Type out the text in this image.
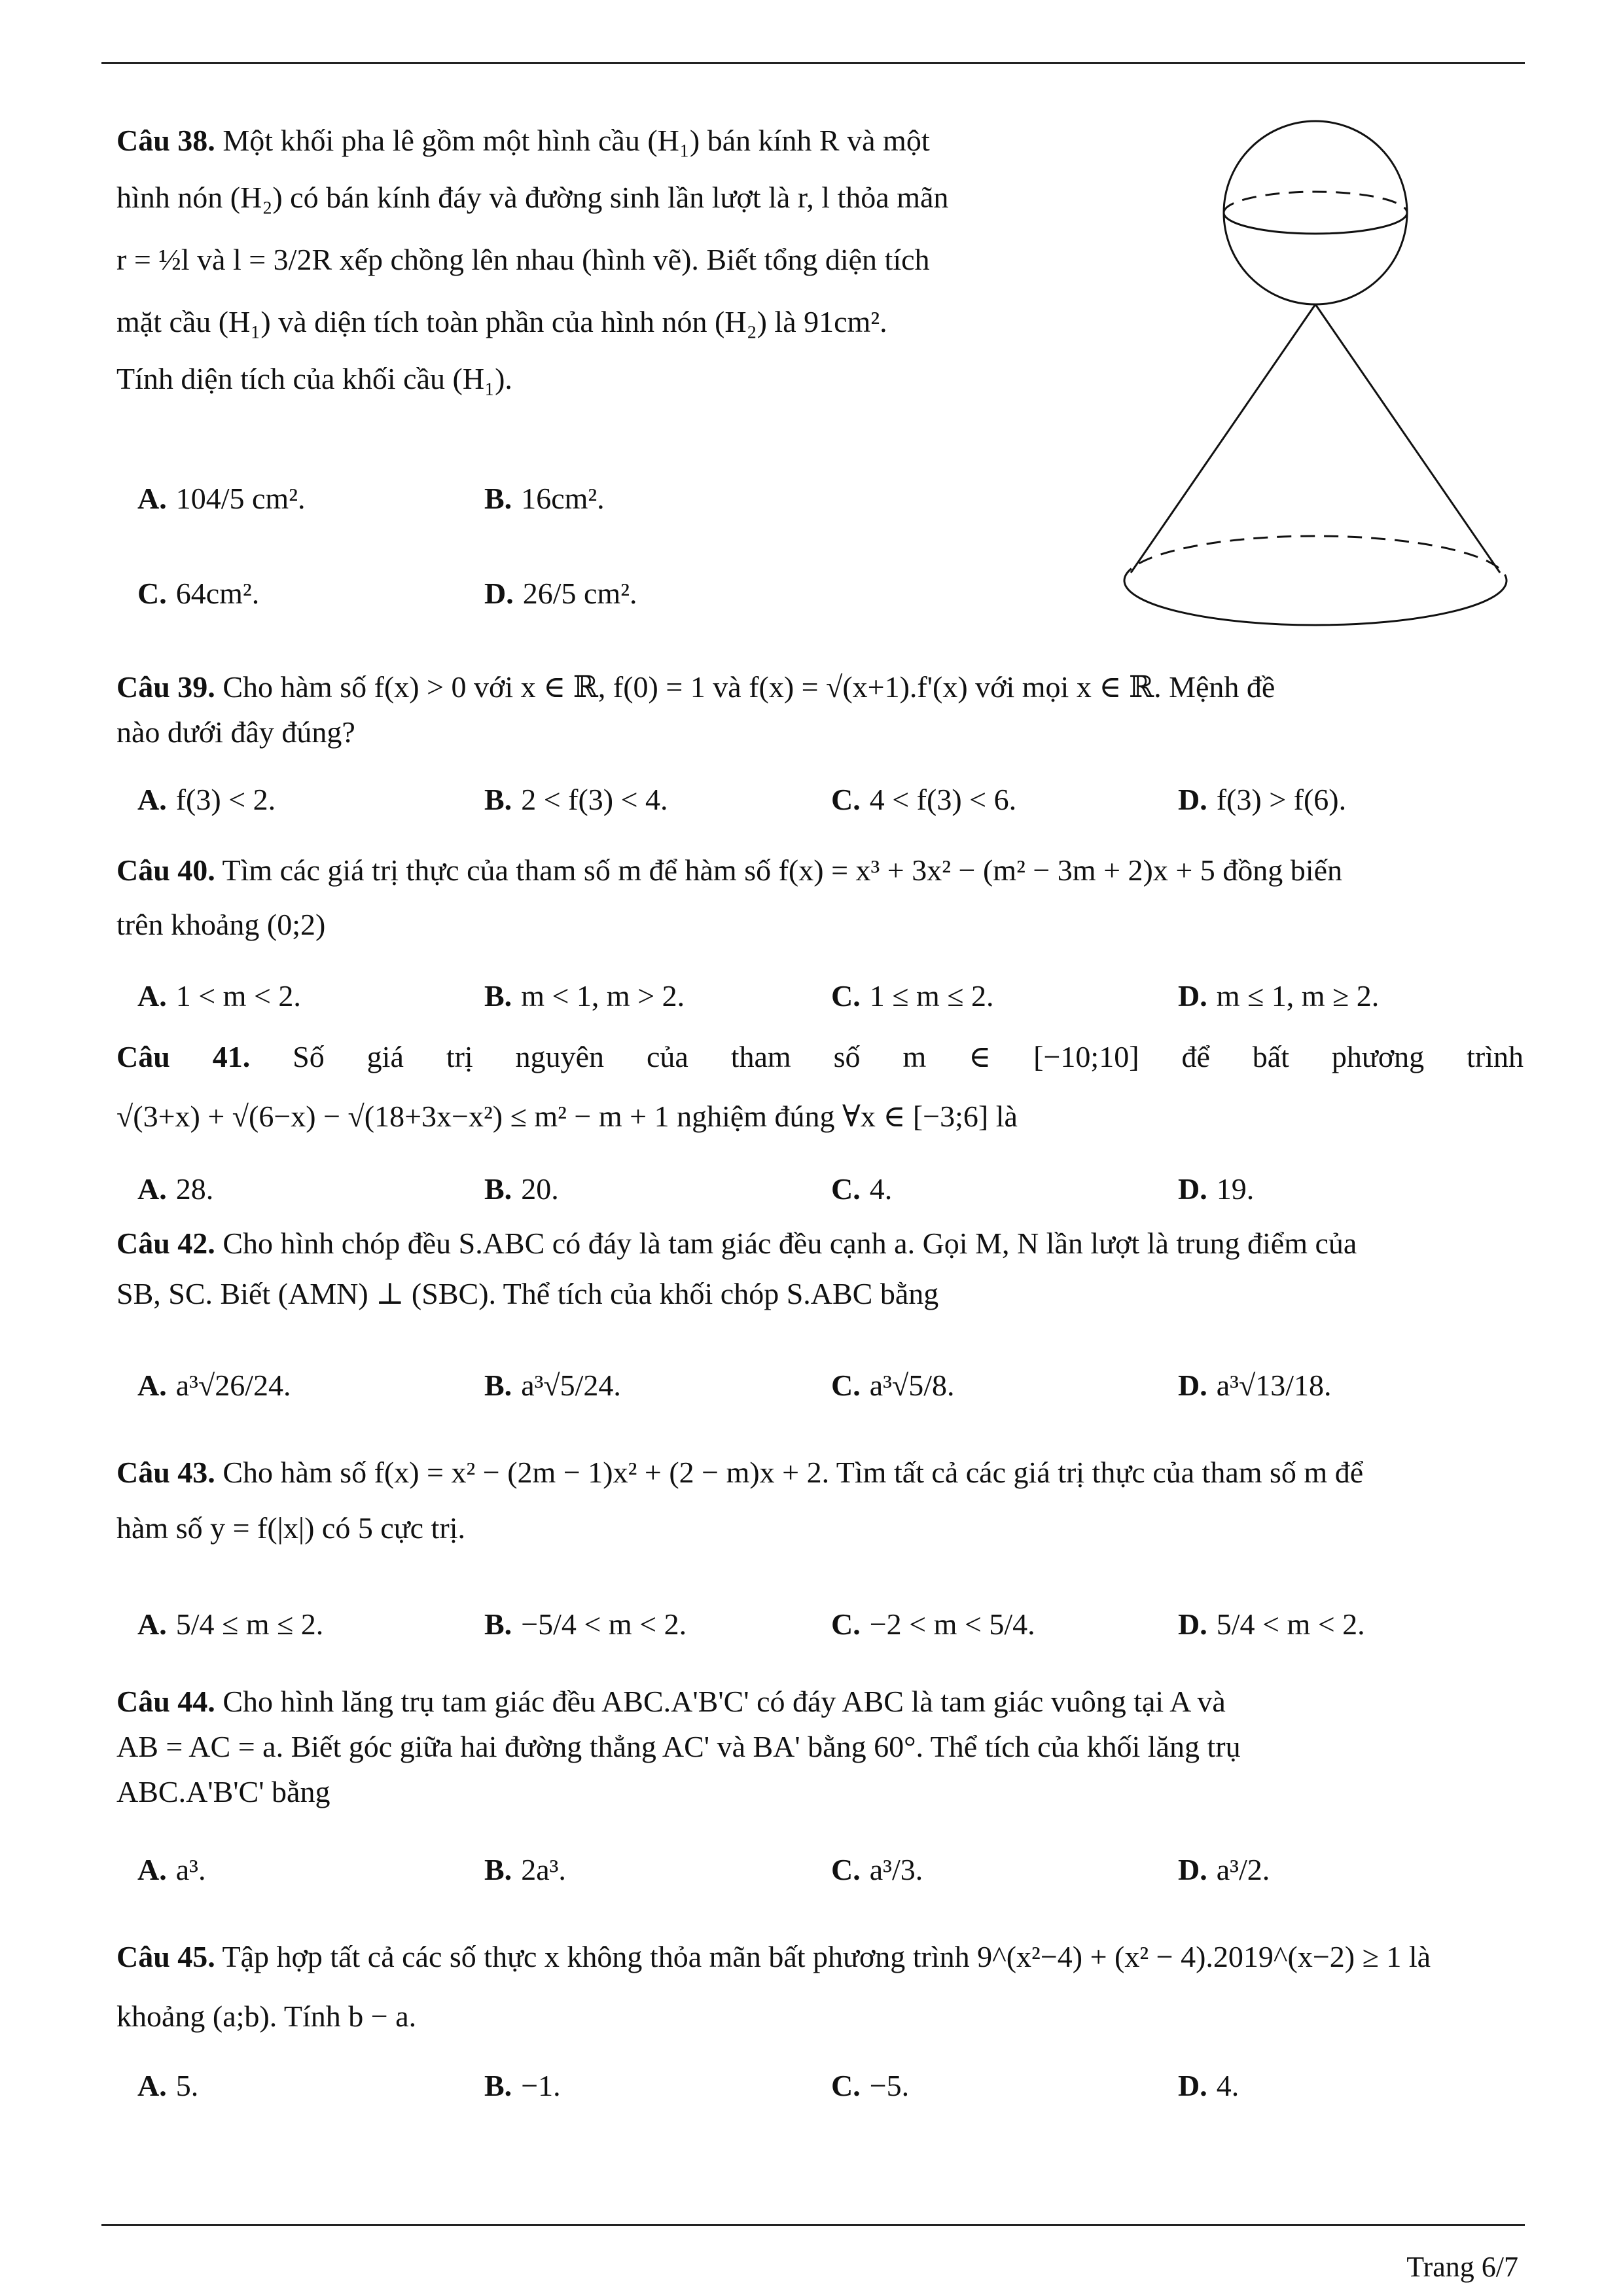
Câu 38. Một khối pha lê gồm một hình cầu (H₁) bán kính R và một
hình nón (H₂) có bán kính đáy và đường sinh lần lượt là r, l thỏa mãn
r = ½l và l = 3/2R xếp chồng lên nhau (hình vẽ). Biết tổng diện tích
mặt cầu (H₁) và diện tích toàn phần của hình nón (H₂) là 91cm².
Tính diện tích của khối cầu (H₁).
A. 104/5 cm².	B. 16cm².
C. 64cm².	D. 26/5 cm².
Câu 39. Cho hàm số f(x) > 0 với x ∈ ℝ, f(0) = 1 và f(x) = √(x+1).f'(x) với mọi x ∈ ℝ. Mệnh đề
nào dưới đây đúng?
A. f(3) < 2.	B. 2 < f(3) < 4.	C. 4 < f(3) < 6.	D. f(3) > f(6).
Câu 40. Tìm các giá trị thực của tham số m để hàm số f(x) = x³ + 3x² − (m² − 3m + 2)x + 5 đồng biến
trên khoảng (0;2)
A. 1 < m < 2.	B. m < 1, m > 2.	C. 1 ≤ m ≤ 2.	D. m ≤ 1, m ≥ 2.
Câu 41. Số giá trị nguyên của tham số m ∈ [−10;10] để bất phương trình
√(3+x) + √(6−x) − √(18+3x−x²) ≤ m² − m + 1 nghiệm đúng ∀x ∈ [−3;6] là
A. 28.	B. 20.	C. 4.	D. 19.
Câu 42. Cho hình chóp đều S.ABC có đáy là tam giác đều cạnh a. Gọi M, N lần lượt là trung điểm của
SB, SC. Biết (AMN) ⊥ (SBC). Thể tích của khối chóp S.ABC bằng
A. a³√26/24.	B. a³√5/24.	C. a³√5/8.	D. a³√13/18.
Câu 43. Cho hàm số f(x) = x² − (2m − 1)x² + (2 − m)x + 2. Tìm tất cả các giá trị thực của tham số m để
hàm số y = f(|x|) có 5 cực trị.
A. 5/4 ≤ m ≤ 2.	B. −5/4 < m < 2.	C. −2 < m < 5/4.	D. 5/4 < m < 2.
Câu 44. Cho hình lăng trụ tam giác đều ABC.A'B'C' có đáy ABC là tam giác vuông tại A và
AB = AC = a. Biết góc giữa hai đường thẳng AC' và BA' bằng 60°. Thể tích của khối lăng trụ
ABC.A'B'C' bằng
A. a³.	B. 2a³.	C. a³/3.	D. a³/2.
Câu 45. Tập hợp tất cả các số thực x không thỏa mãn bất phương trình 9^(x²−4) + (x² − 4).2019^(x−2) ≥ 1 là
khoảng (a;b). Tính b − a.
A. 5.	B. −1.	C. −5.	D. 4.
Trang 6/7
